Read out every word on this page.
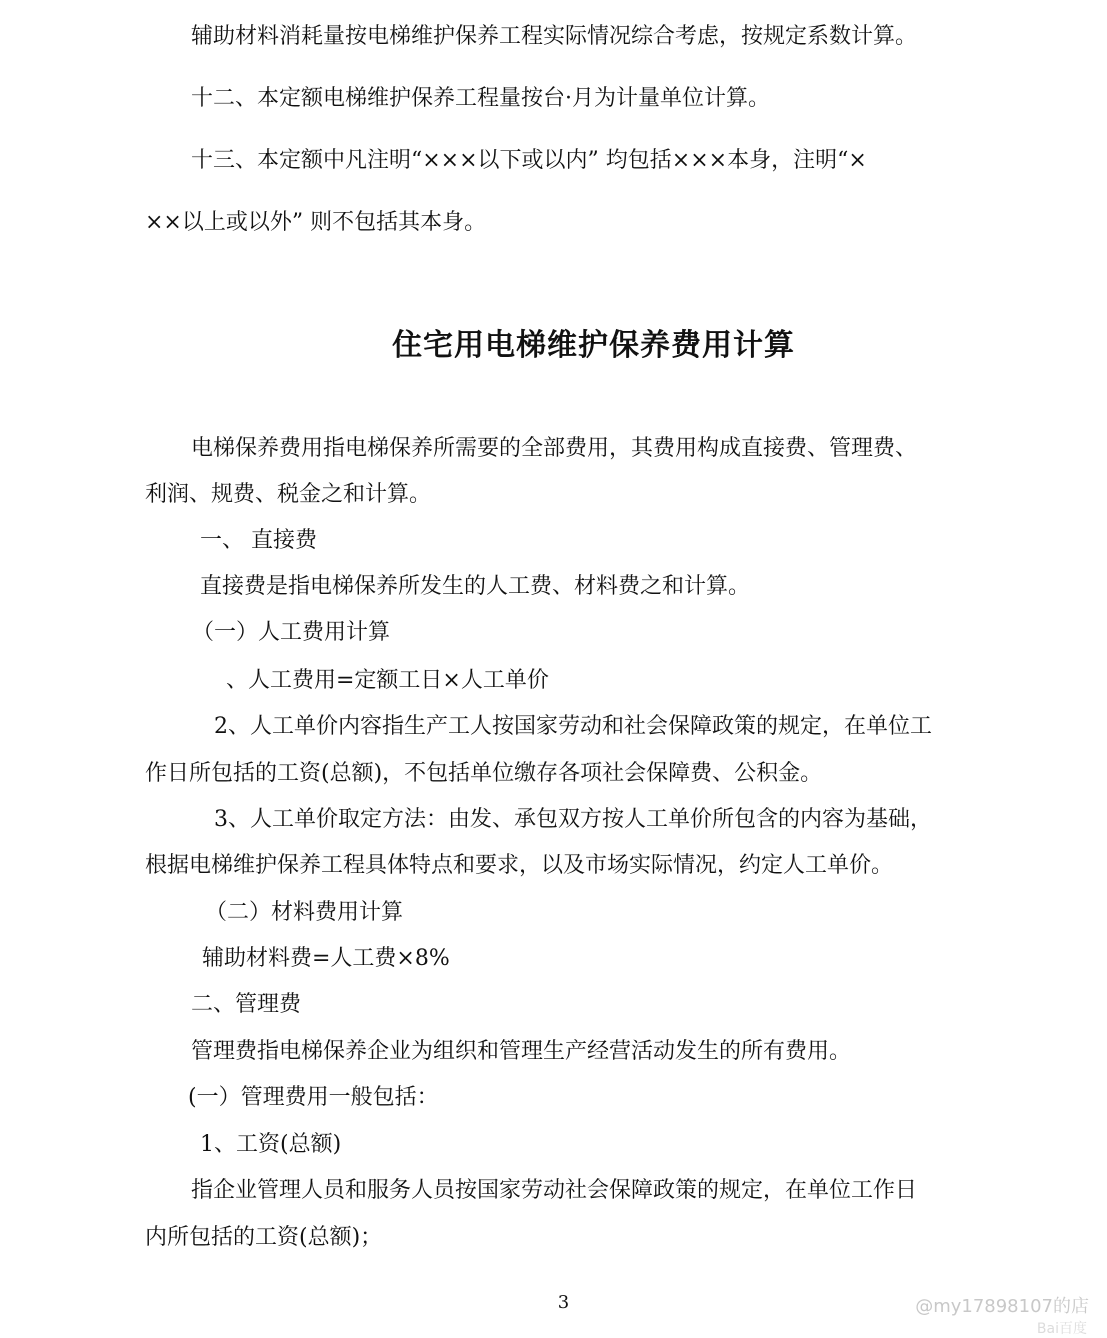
辅助材料消耗量按电梯维护保养工程实际情况综合考虑，按规定系数计算。
十二、本定额电梯维护保养工程量按台·月为计量单位计算。
十三、本定额中凡注明“×××以下或以内” 均包括×××本身，注明“×
××以上或以外” 则不包括其本身。
住宅用电梯维护保养费用计算
电梯保养费用指电梯保养所需要的全部费用，其费用构成直接费、管理费、
利润、规费、税金之和计算。
一、 直接费
直接费是指电梯保养所发生的人工费、材料费之和计算。
（一）人工费用计算
、人工费用=定额工日×人工单价
2、人工单价内容指生产工人按国家劳动和社会保障政策的规定，在单位工
作日所包括的工资(总额)，不包括单位缴存各项社会保障费、公积金。
3、人工单价取定方法：由发、承包双方按人工单价所包含的内容为基础，
根据电梯维护保养工程具体特点和要求，以及市场实际情况，约定人工单价。
（二）材料费用计算
辅助材料费=人工费×8%
二、管理费
管理费指电梯保养企业为组织和管理生产经营活动发生的所有费用。
(一）管理费用一般包括：
1、工资(总额)
指企业管理人员和服务人员按国家劳动社会保障政策的规定，在单位工作日
内所包括的工资(总额)；
3	@my17898107的店
Bai百度
